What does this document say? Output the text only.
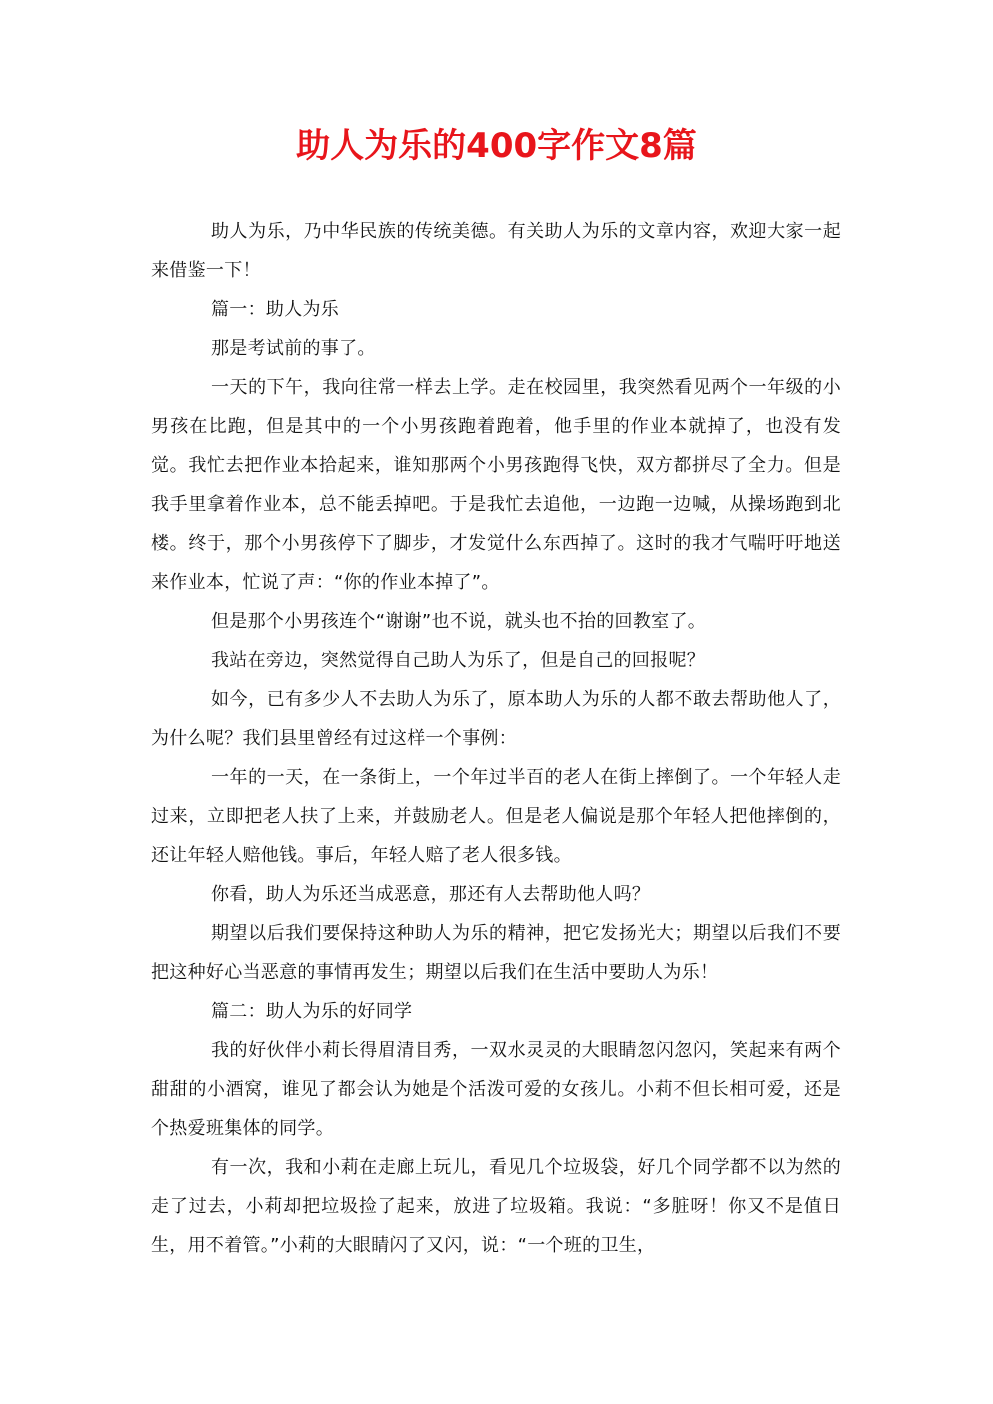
助人为乐的400字作文8篇

助人为乐，乃中华民族的传统美德。有关助人为乐的文章内容，欢迎大家一起来借鉴一下！

篇一：助人为乐

那是考试前的事了。

一天的下午，我向往常一样去上学。走在校园里，我突然看见两个一年级的小男孩在比跑，但是其中的一个小男孩跑着跑着，他手里的作业本就掉了，也没有发觉。我忙去把作业本拾起来，谁知那两个小男孩跑得飞快，双方都拼尽了全力。但是我手里拿着作业本，总不能丢掉吧。于是我忙去追他，一边跑一边喊，从操场跑到北楼。终于，那个小男孩停下了脚步，才发觉什么东西掉了。这时的我才气喘吁吁地送来作业本，忙说了声：“你的作业本掉了”。

但是那个小男孩连个“谢谢”也不说，就头也不抬的回教室了。

我站在旁边，突然觉得自己助人为乐了，但是自己的回报呢？

如今，已有多少人不去助人为乐了，原本助人为乐的人都不敢去帮助他人了，为什么呢？我们县里曾经有过这样一个事例：

一年的一天，在一条街上，一个年过半百的老人在街上摔倒了。一个年轻人走过来，立即把老人扶了上来，并鼓励老人。但是老人偏说是那个年轻人把他摔倒的，还让年轻人赔他钱。事后，年轻人赔了老人很多钱。

你看，助人为乐还当成恶意，那还有人去帮助他人吗？

期望以后我们要保持这种助人为乐的精神，把它发扬光大；期望以后我们不要把这种好心当恶意的事情再发生；期望以后我们在生活中要助人为乐！

篇二：助人为乐的好同学

我的好伙伴小莉长得眉清目秀，一双水灵灵的大眼睛忽闪忽闪，笑起来有两个甜甜的小酒窝，谁见了都会认为她是个活泼可爱的女孩儿。小莉不但长相可爱，还是个热爱班集体的同学。

有一次，我和小莉在走廊上玩儿，看见几个垃圾袋，好几个同学都不以为然的走了过去，小莉却把垃圾捡了起来，放进了垃圾箱。我说：“多脏呀！你又不是值日生，用不着管。”小莉的大眼睛闪了又闪，说：“一个班的卫生，
